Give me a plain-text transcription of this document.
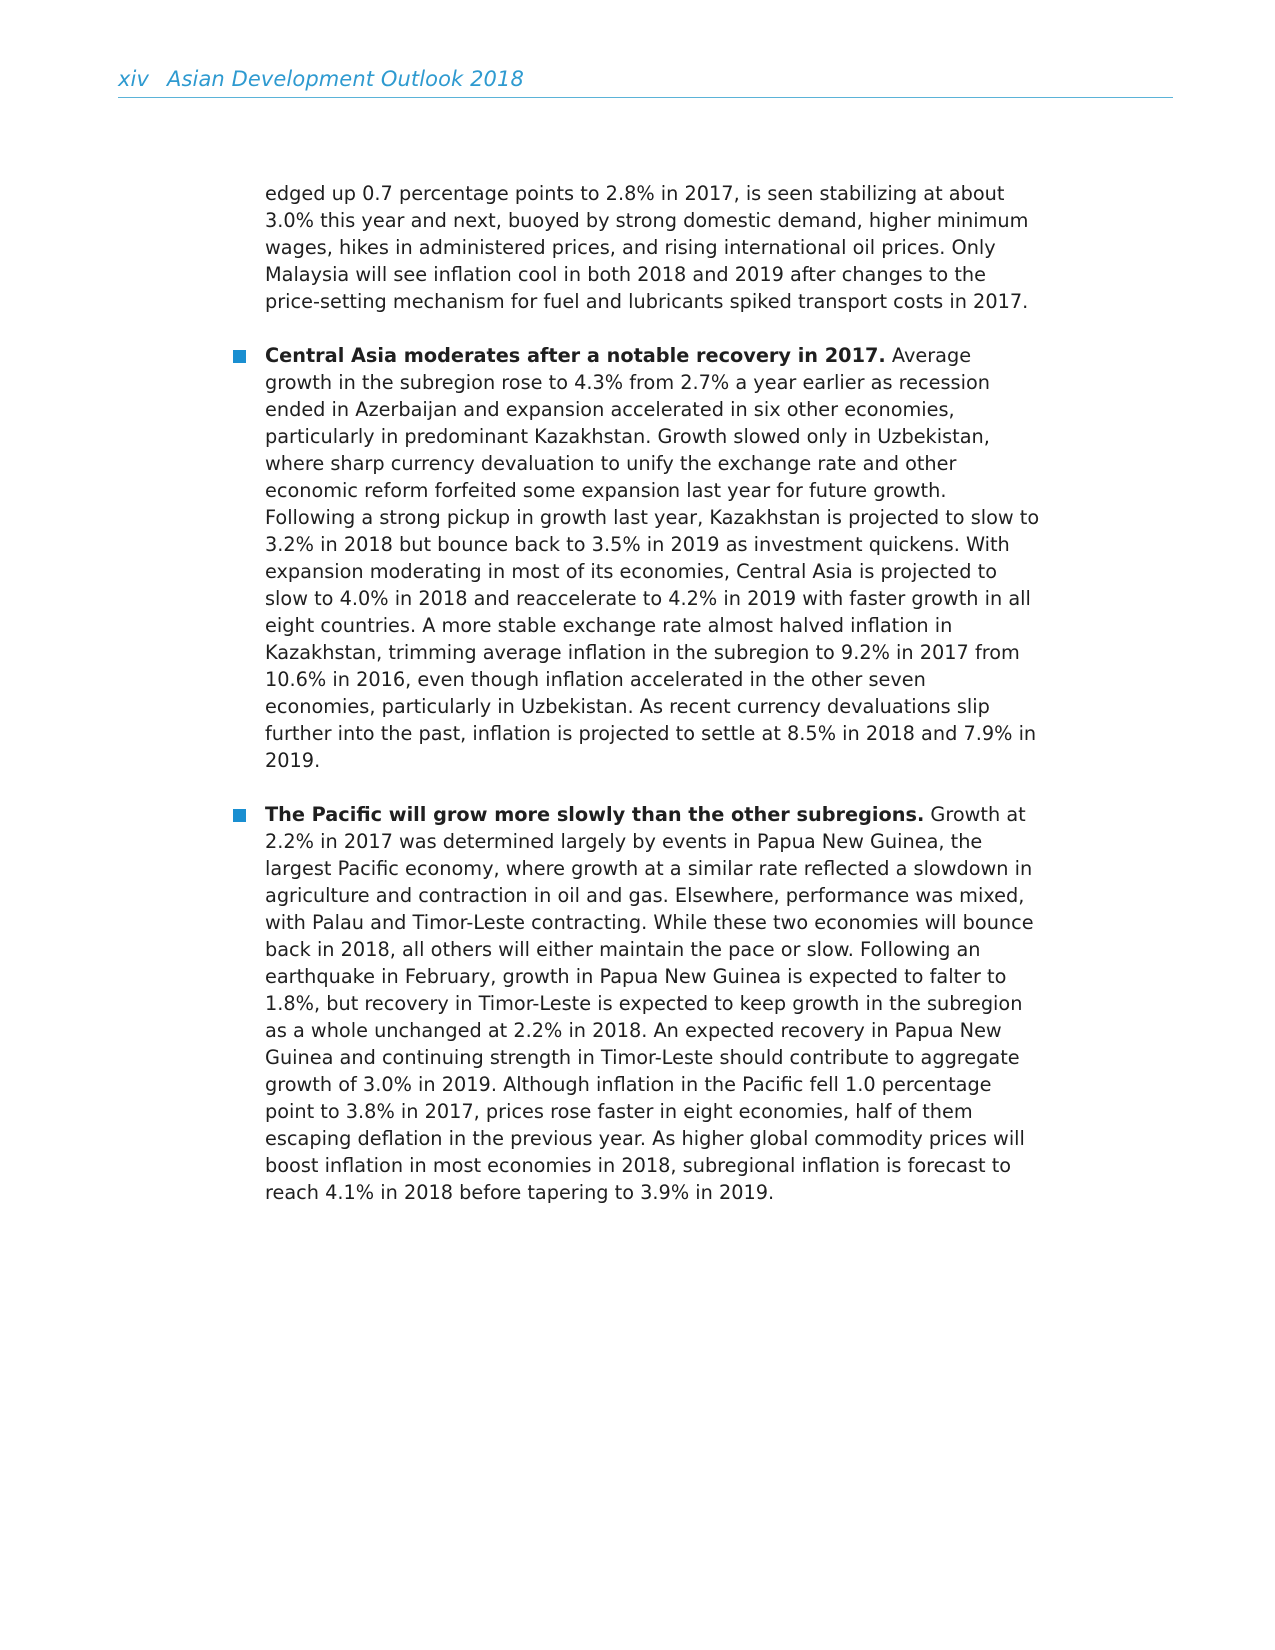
xiv Asian Development Outlook 2018

edged up 0.7 percentage points to 2.8% in 2017, is seen stabilizing at about 3.0% this year and next, buoyed by strong domestic demand, higher minimum wages, hikes in administered prices, and rising international oil prices. Only Malaysia will see inflation cool in both 2018 and 2019 after changes to the price-setting mechanism for fuel and lubricants spiked transport costs in 2017.

Central Asia moderates after a notable recovery in 2017. Average growth in the subregion rose to 4.3% from 2.7% a year earlier as recession ended in Azerbaijan and expansion accelerated in six other economies, particularly in predominant Kazakhstan. Growth slowed only in Uzbekistan, where sharp currency devaluation to unify the exchange rate and other economic reform forfeited some expansion last year for future growth. Following a strong pickup in growth last year, Kazakhstan is projected to slow to 3.2% in 2018 but bounce back to 3.5% in 2019 as investment quickens. With expansion moderating in most of its economies, Central Asia is projected to slow to 4.0% in 2018 and reaccelerate to 4.2% in 2019 with faster growth in all eight countries. A more stable exchange rate almost halved inflation in Kazakhstan, trimming average inflation in the subregion to 9.2% in 2017 from 10.6% in 2016, even though inflation accelerated in the other seven economies, particularly in Uzbekistan. As recent currency devaluations slip further into the past, inflation is projected to settle at 8.5% in 2018 and 7.9% in 2019.

The Pacific will grow more slowly than the other subregions. Growth at 2.2% in 2017 was determined largely by events in Papua New Guinea, the largest Pacific economy, where growth at a similar rate reflected a slowdown in agriculture and contraction in oil and gas. Elsewhere, performance was mixed, with Palau and Timor-Leste contracting. While these two economies will bounce back in 2018, all others will either maintain the pace or slow. Following an earthquake in February, growth in Papua New Guinea is expected to falter to 1.8%, but recovery in Timor-Leste is expected to keep growth in the subregion as a whole unchanged at 2.2% in 2018. An expected recovery in Papua New Guinea and continuing strength in Timor-Leste should contribute to aggregate growth of 3.0% in 2019. Although inflation in the Pacific fell 1.0 percentage point to 3.8% in 2017, prices rose faster in eight economies, half of them escaping deflation in the previous year. As higher global commodity prices will boost inflation in most economies in 2018, subregional inflation is forecast to reach 4.1% in 2018 before tapering to 3.9% in 2019.
